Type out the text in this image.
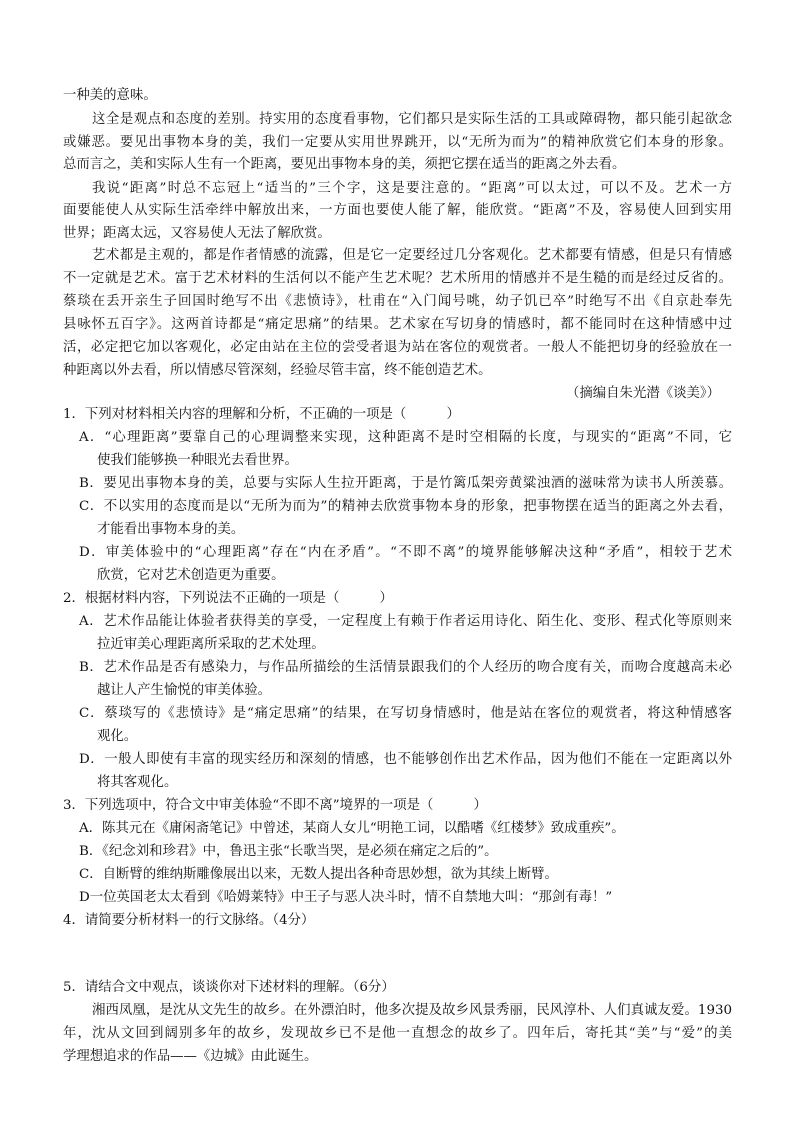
一种美的意味。
这全是观点和态度的差别。持实用的态度看事物，它们都只是实际生活的工具或障碍物，都只能引起欲念
或嫌恶。要见出事物本身的美，我们一定要从实用世界跳开，以“无所为而为”的精神欣赏它们本身的形象。
总而言之，美和实际人生有一个距离，要见出事物本身的美，须把它摆在适当的距离之外去看。
我说“距离”时总不忘冠上“适当的”三个字，这是要注意的。“距离”可以太过，可以不及。艺术一方
面要能使人从实际生活牵绊中解放出来，一方面也要使人能了解，能欣赏。“距离”不及，容易使人回到实用
世界；距离太远，又容易使人无法了解欣赏。
艺术都是主观的，都是作者情感的流露，但是它一定要经过几分客观化。艺术都要有情感，但是只有情感
不一定就是艺术。富于艺术材料的生活何以不能产生艺术呢？艺术所用的情感并不是生糙的而是经过反省的。
蔡琰在丢开亲生子回国时绝写不出《悲愤诗》，杜甫在“入门闻号咷，幼子饥已卒”时绝写不出《自京赴奉先
县咏怀五百字》。这两首诗都是“痛定思痛”的结果。艺术家在写切身的情感时，都不能同时在这种情感中过
活，必定把它加以客观化，必定由站在主位的尝受者退为站在客位的观赏者。一般人不能把切身的经验放在一
种距离以外去看，所以情感尽管深刻，经验尽管丰富，终不能创造艺术。
（摘编自朱光潜《谈美》）
1．下列对材料相关内容的理解和分析，不正确的一项是（　　　）
A．“心理距离”要靠自己的心理调整来实现，这种距离不是时空相隔的长度，与现实的“距离”不同，它
使我们能够换一种眼光去看世界。
B．要见出事物本身的美，总要与实际人生拉开距离，于是竹篱瓜架旁黄粱浊酒的滋味常为读书人所羡慕。
C．不以实用的态度而是以“无所为而为”的精神去欣赏事物本身的形象，把事物摆在适当的距离之外去看，
才能看出事物本身的美。
D．审美体验中的“心理距离”存在“内在矛盾”。“不即不离”的境界能够解决这种“矛盾”，相较于艺术
欣赏，它对艺术创造更为重要。
2．根据材料内容，下列说法不正确的一项是（　　　）
A．艺术作品能让体验者获得美的享受，一定程度上有赖于作者运用诗化、陌生化、变形、程式化等原则来
拉近审美心理距离所采取的艺术处理。
B．艺术作品是否有感染力，与作品所描绘的生活情景跟我们的个人经历的吻合度有关，而吻合度越高未必
越让人产生愉悦的审美体验。
C．蔡琰写的《悲愤诗》是“痛定思痛”的结果，在写切身情感时，他是站在客位的观赏者，将这种情感客
观化。
D．一般人即使有丰富的现实经历和深刻的情感，也不能够创作出艺术作品，因为他们不能在一定距离以外
将其客观化。
3．下列选项中，符合文中审美体验“不即不离”境界的一项是（　　　）
A．陈其元在《庸闲斋笔记》中曾述，某商人女儿“明艳工词，以酷嗜《红楼梦》致成重疾”。
B．《纪念刘和珍君》中，鲁迅主张“长歌当哭，是必须在痛定之后的”。
C．自断臂的维纳斯雕像展出以来，无数人提出各种奇思妙想，欲为其续上断臂。
D一位英国老太太看到《哈姆莱特》中王子与恶人决斗时，情不自禁地大叫：“那剑有毒！”
4．请简要分析材料一的行文脉络。（4分）
5．请结合文中观点，谈谈你对下述材料的理解。（6分）
湘西凤凰，是沈从文先生的故乡。在外漂泊时，他多次提及故乡风景秀丽，民风淳朴、人们真诚友爱。1930
年，沈从文回到阔别多年的故乡，发现故乡已不是他一直想念的故乡了。四年后，寄托其“美”与“爱”的美
学理想追求的作品——《边城》由此诞生。
